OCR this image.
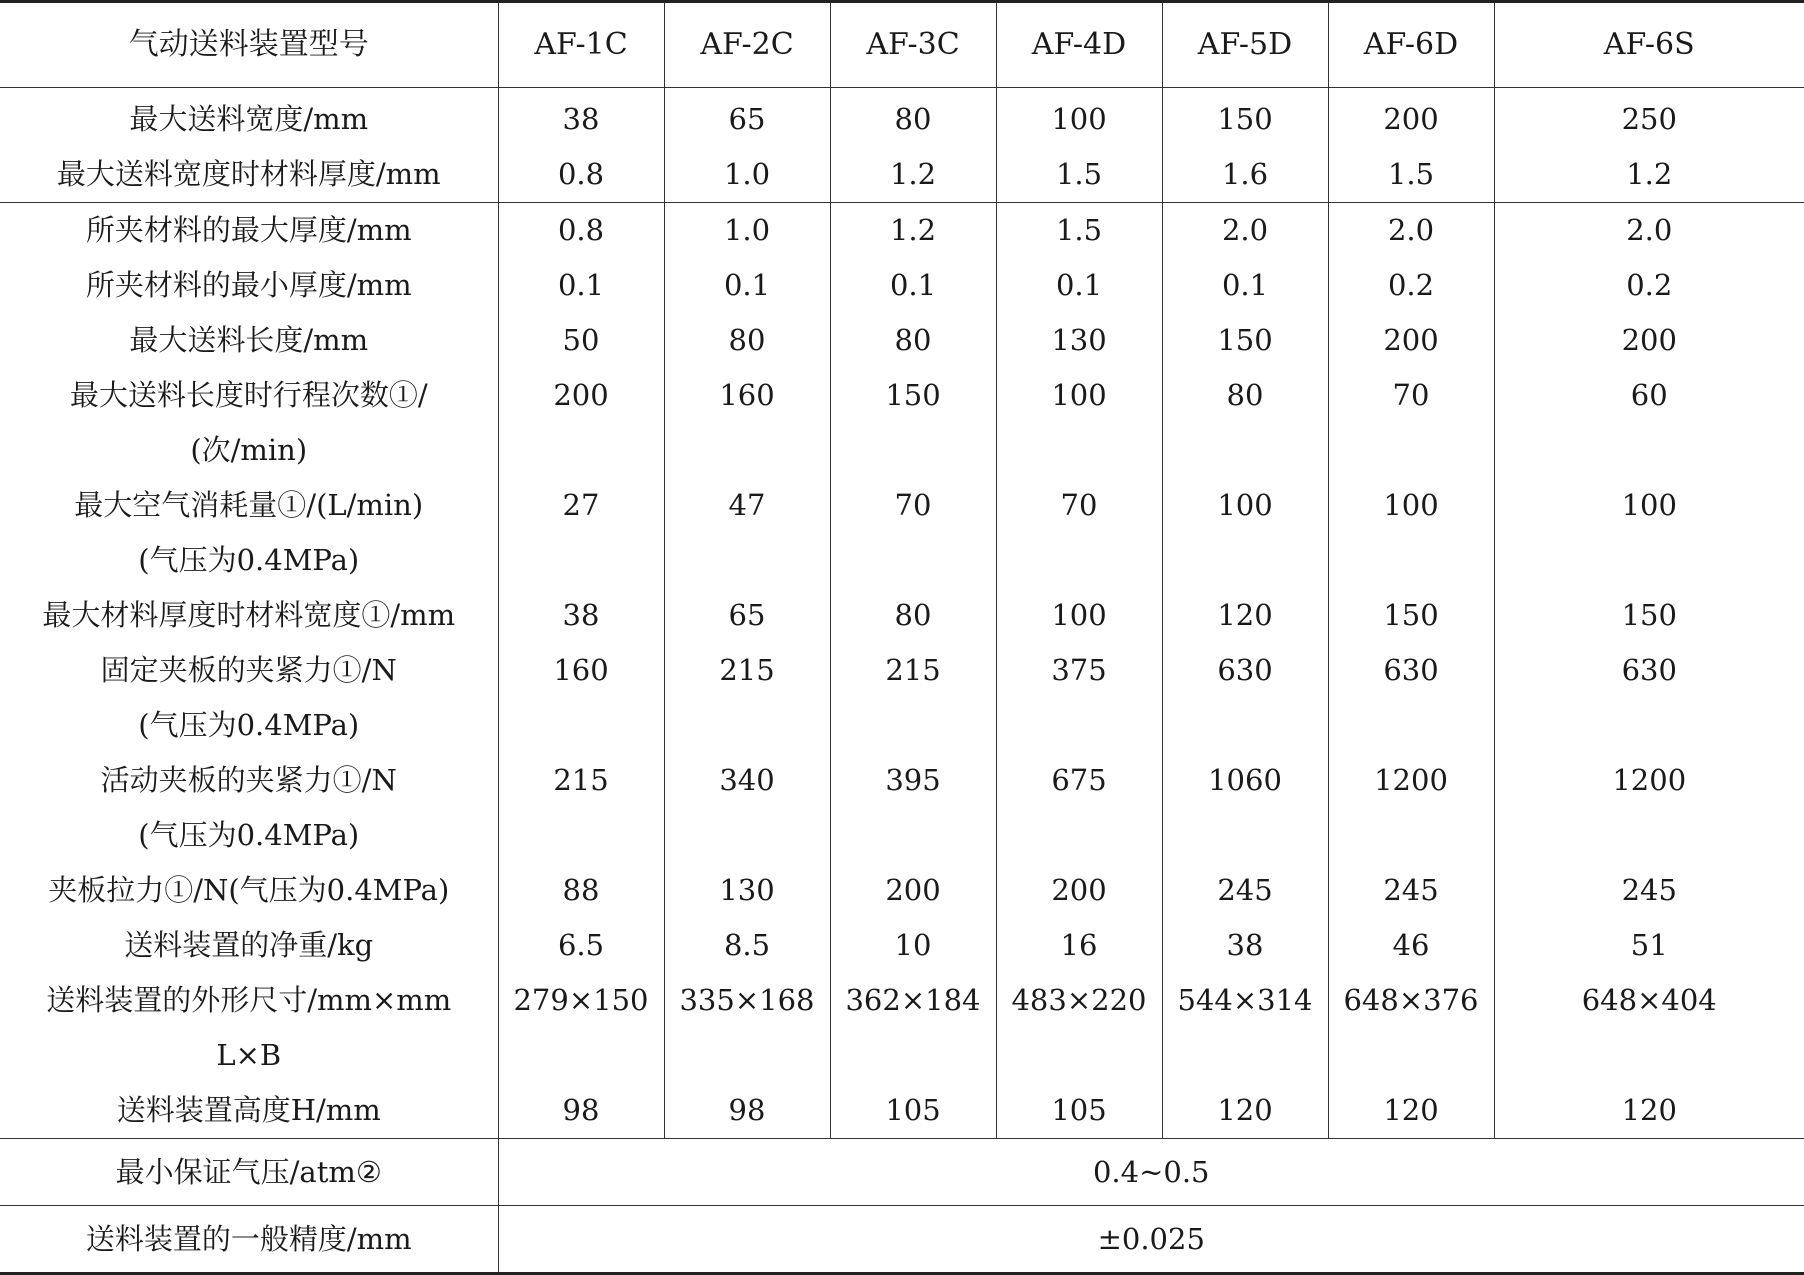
气动送料装置型号	AF-1C	AF-2C	AF-3C	AF-4D	AF-5D	AF-6D	AF-6S
最大送料宽度/mm	38	65	80	100	150	200	250
最大送料宽度时材料厚度/mm	0.8	1.0	1.2	1.5	1.6	1.5	1.2
所夹材料的最大厚度/mm	0.8	1.0	1.2	1.5	2.0	2.0	2.0
所夹材料的最小厚度/mm	0.1	0.1	0.1	0.1	0.1	0.2	0.2
最大送料长度/mm	50	80	80	130	150	200	200
最大送料长度时行程次数①/
(次/min)	200	160	150	100	80	70	60
最大空气消耗量①/(L/min)
(气压为0.4MPa)	27	47	70	70	100	100	100
最大材料厚度时材料宽度①/mm	38	65	80	100	120	150	150
固定夹板的夹紧力①/N
(气压为0.4MPa)	160	215	215	375	630	630	630
活动夹板的夹紧力①/N
(气压为0.4MPa)	215	340	395	675	1060	1200	1200
夹板拉力①/N(气压为0.4MPa)	88	130	200	200	245	245	245
送料装置的净重/kg	6.5	8.5	10	16	38	46	51
送料装置的外形尺寸/mm×mm
L×B	279×150	335×168	362×184	483×220	544×314	648×376	648×404
送料装置高度H/mm	98	98	105	105	120	120	120
最小保证气压/atm②	0.4~0.5						
送料装置的一般精度/mm	±0.025						
